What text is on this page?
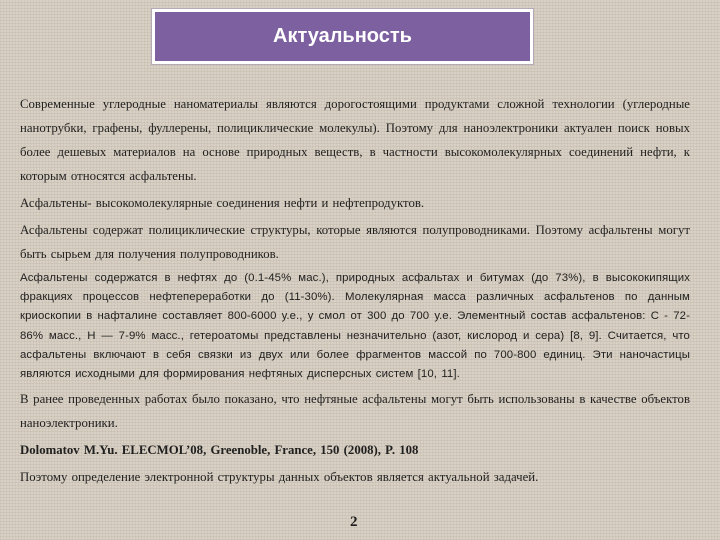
Актуальность

Современные углеродные наноматериалы являются дорогостоящими продуктами сложной технологии (углеродные нанотрубки, графены, фуллерены, полициклические молекулы). Поэтому для наноэлектроники актуален поиск новых более дешевых материалов на основе природных веществ, в частности высокомолекулярных соединений нефти, к которым относятся асфальтены.

Асфальтены- высокомолекулярные соединения нефти и нефтепродуктов.

Асфальтены содержат полициклические структуры, которые являются полупроводниками. Поэтому асфальтены могут быть сырьем для получения полупроводников.

Асфальтены содержатся в нефтях до (0.1-45% мас.), природных асфальтах и битумах (до 73%), в высококипящих фракциях процессов нефтепереработки до (11-30%). Молекулярная масса различных асфальтенов по данным криоскопии в нафталине составляет 800-6000 у.е., у смол от 300 до 700 у.е. Элементный состав асфальтенов: С - 72-86% масс., Н — 7-9% масс., гетероатомы представлены незначительно (азот, кислород и сера) [8, 9]. Считается, что асфальтены включают в себя связки из двух или более фрагментов массой по 700-800 единиц. Эти наночастицы являются исходными для формирования нефтяных дисперсных систем [10, 11].

В ранее проведенных работах было показано, что нефтяные асфальтены могут быть использованы в качестве объектов наноэлектроники.

Dolomatov M.Yu. ELECMOL’08, Greenoble, France, 150 (2008), P. 108

Поэтому определение электронной структуры данных объектов является актуальной задачей.

2
